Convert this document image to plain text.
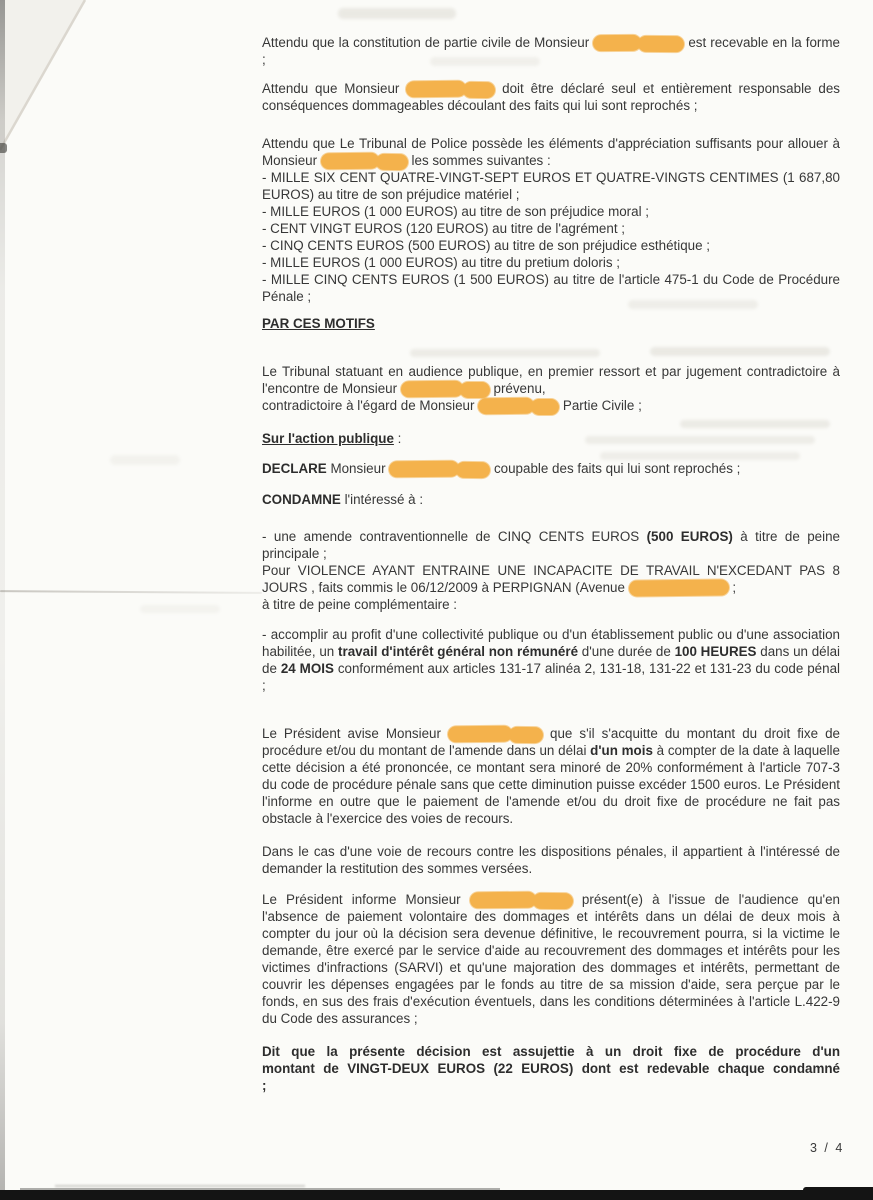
Attendu que la constitution de partie civile de Monsieur	est recevable en la forme ;

Attendu que Monsieur	doit être déclaré seul et entièrement responsable des conséquences dommageables découlant des faits qui lui sont reprochés ;

Attendu que Le Tribunal de Police possède les éléments d'appréciation suffisants pour allouer à Monsieur	les sommes suivantes :
- MILLE SIX CENT QUATRE-VINGT-SEPT EUROS ET QUATRE-VINGTS CENTIMES (1 687,80 EUROS) au titre de son préjudice matériel ;
- MILLE EUROS (1 000 EUROS) au titre de son préjudice moral ;
- CENT VINGT EUROS (120 EUROS) au titre de l'agrément ;
- CINQ CENTS EUROS (500 EUROS) au titre de son préjudice esthétique ;
- MILLE EUROS (1 000 EUROS) au titre du pretium doloris ;
- MILLE CINQ CENTS EUROS (1 500 EUROS) au titre de l'article 475-1 du Code de Procédure Pénale ;

PAR CES MOTIFS

Le Tribunal statuant en audience publique, en premier ressort et par jugement contradictoire à l'encontre de Monsieur	prévenu,
contradictoire à l'égard de Monsieur	Partie Civile ;

Sur l'action publique :

DECLARE Monsieur	coupable des faits qui lui sont reprochés ;

CONDAMNE l'intéressé à :

- une amende contraventionnelle de CINQ CENTS EUROS (500 EUROS) à titre de peine principale ;
Pour VIOLENCE AYANT ENTRAINE UNE INCAPACITE DE TRAVAIL N'EXCEDANT PAS 8 JOURS , faits commis le 06/12/2009 à PERPIGNAN (Avenue	;
à titre de peine complémentaire :

- accomplir au profit d'une collectivité publique ou d'un établissement public ou d'une association habilitée, un travail d'intérêt général non rémunéré d'une durée de 100 HEURES dans un délai de 24 MOIS conformément aux articles 131-17 alinéa 2, 131-18, 131-22 et 131-23 du code pénal ;

Le Président avise Monsieur	que s'il s'acquitte du montant du droit fixe de procédure et/ou du montant de l'amende dans un délai d'un mois à compter de la date à laquelle cette décision a été prononcée, ce montant sera minoré de 20% conformément à l'article 707-3 du code de procédure pénale sans que cette diminution puisse excéder 1500 euros. Le Président l'informe en outre que le paiement de l'amende et/ou du droit fixe de procédure ne fait pas obstacle à l'exercice des voies de recours.

Dans le cas d'une voie de recours contre les dispositions pénales, il appartient à l'intéressé de demander la restitution des sommes versées.

Le Président informe Monsieur	présent(e) à l'issue de l'audience qu'en l'absence de paiement volontaire des dommages et intérêts dans un délai de deux mois à compter du jour où la décision sera devenue définitive, le recouvrement pourra, si la victime le demande, être exercé par le service d'aide au recouvrement des dommages et intérêts pour les victimes d'infractions (SARVI) et qu'une majoration des dommages et intérêts, permettant de couvrir les dépenses engagées par le fonds au titre de sa mission d'aide, sera perçue par le fonds, en sus des frais d'exécution éventuels, dans les conditions déterminées à l'article L.422-9 du Code des assurances ;

Dit que la présente décision est assujettie à un droit fixe de procédure d'un montant de VINGT-DEUX EUROS (22 EUROS) dont est redevable chaque condamné ;

3 / 4
